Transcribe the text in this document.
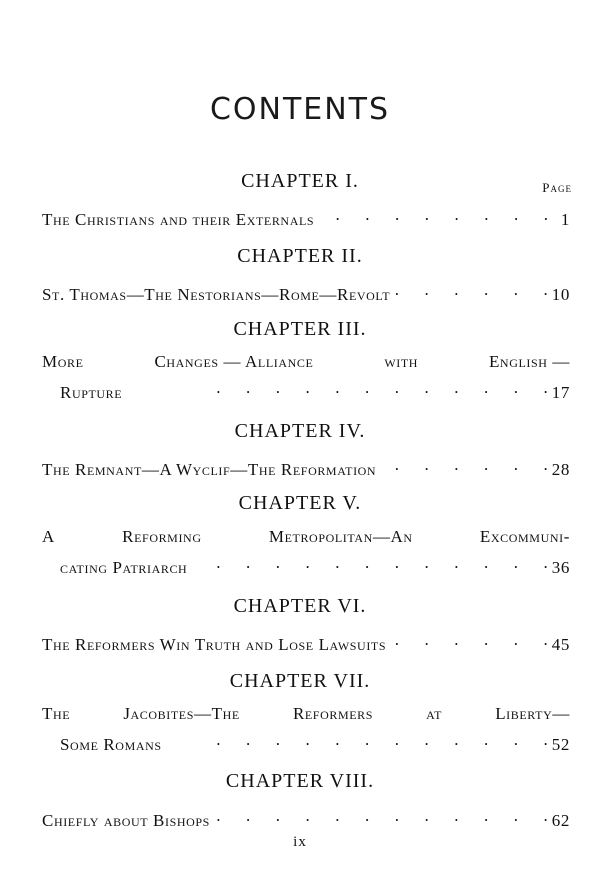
CONTENTS
Page
CHAPTER I.
The Christians and their Externals .	1
CHAPTER II.
St. Thomas—The Nestorians—Rome—Revolt .	10
CHAPTER III.
More	Changes — Alliance	with	English —
Rupture .	17
CHAPTER IV.
The Remnant—A Wyclif—The Reformation .	28
CHAPTER V.
A	Reforming	Metropolitan—An	Excommuni-
cating Patriarch .	36
CHAPTER VI.
The Reformers Win Truth and Lose Lawsuits .	45
CHAPTER VII.
The	Jacobites—The	Reformers	at	Liberty—
Some Romans .	52
CHAPTER VIII.
Chiefly about Bishops .	62
ix
